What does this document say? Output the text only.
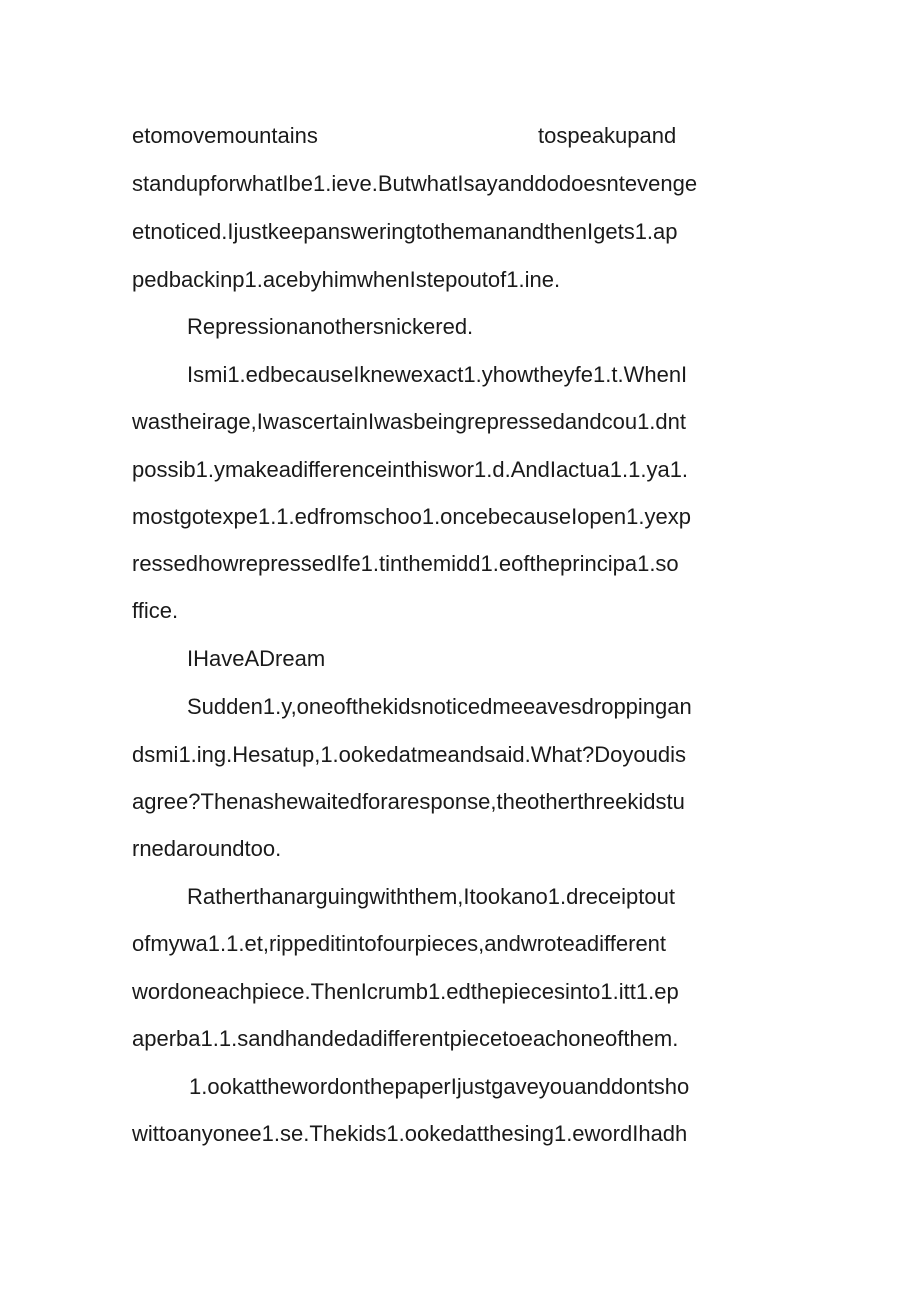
etomovemountains	tospeakupand
standupforwhatIbe1.ieve.ButwhatIsayanddodoesntevenge
etnoticed.IjustkeepansweringtothemanandthenIgets1.ap
pedbackinp1.acebyhimwhenIstepoutof1.ine.
Repressionanothersnickered.
Ismi1.edbecauseIknewexact1.yhowtheyfe1.t.WhenI
wastheirage,IwascertainIwasbeingrepressedandcou1.dnt
possib1.ymakeadifferenceinthiswor1.d.AndIactua1.1.ya1.
mostgotexpe1.1.edfromschoo1.oncebecauseIopen1.yexp
ressedhowrepressedIfe1.tinthemidd1.eoftheprincipa1.so
ffice.
IHaveADream
Sudden1.y,oneofthekidsnoticedmeeavesdroppingan
dsmi1.ing.Hesatup,1.ookedatmeandsaid.What?Doyoudis
agree?Thenashewaitedforaresponse,theotherthreekidstu
rnedaroundtoo.
Ratherthanarguingwiththem,Itookano1.dreceiptout
ofmywa1.1.et,rippeditintofourpieces,andwroteadifferent
wordoneachpiece.ThenIcrumb1.edthepiecesinto1.itt1.ep
aperba1.1.sandhandedadifferentpiecetoeachoneofthem.
1.ookatthewordonthepaperIjustgaveyouanddontsho
wittoanyonee1.se.Thekids1.ookedatthesing1.ewordIhadh
